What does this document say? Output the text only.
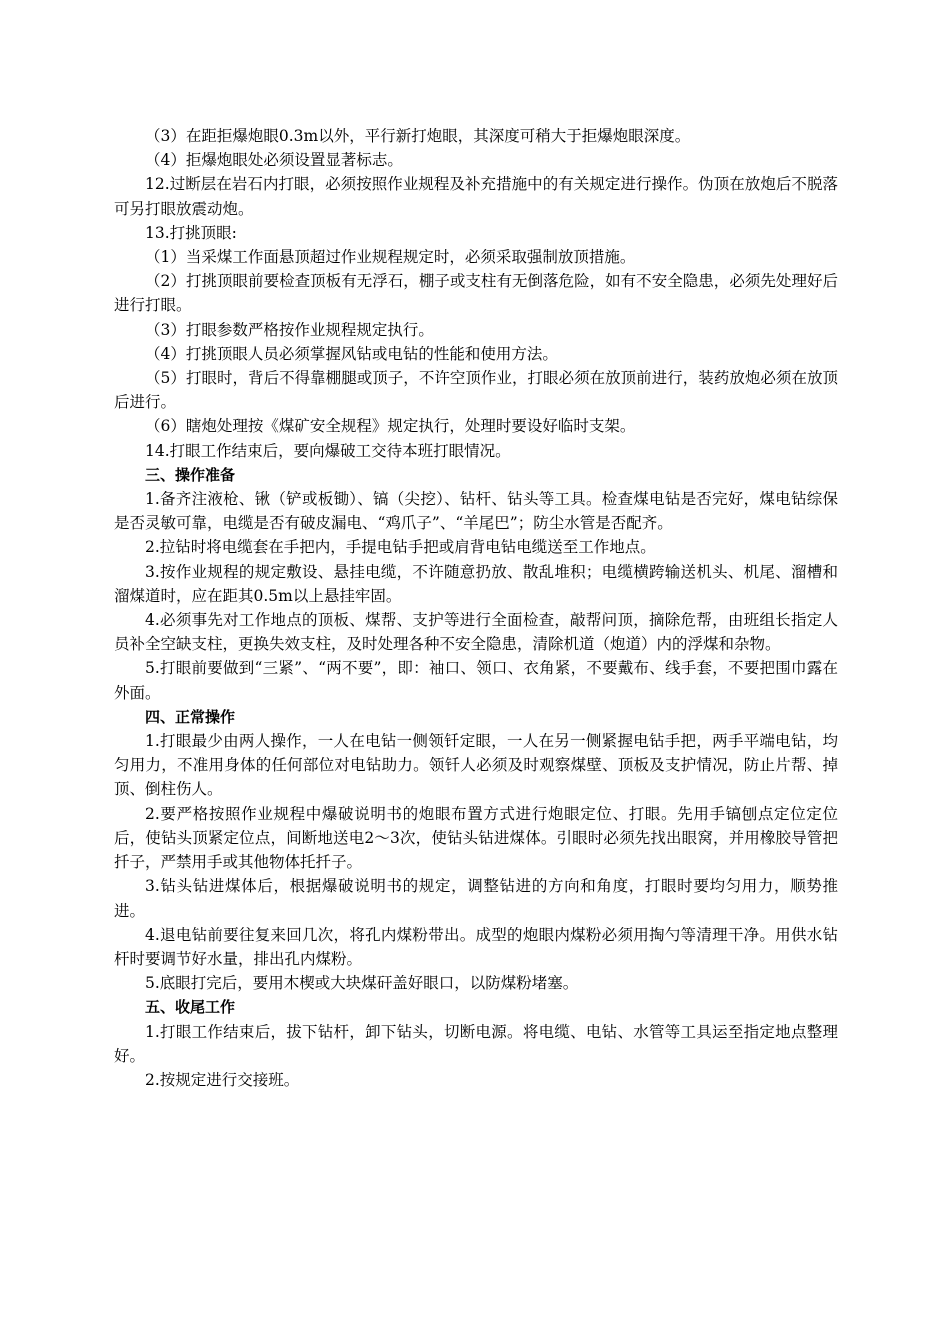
（3）在距拒爆炮眼0.3m以外，平行新打炮眼，其深度可稍大于拒爆炮眼深度。

（4）拒爆炮眼处必须设置显著标志。

12.过断层在岩石内打眼，必须按照作业规程及补充措施中的有关规定进行操作。伪顶在放炮后不脱落可另打眼放震动炮。

13.打挑顶眼:

（1）当采煤工作面悬顶超过作业规程规定时，必须采取强制放顶措施。

（2）打挑顶眼前要检查顶板有无浮石，棚子或支柱有无倒落危险，如有不安全隐患，必须先处理好后进行打眼。

（3）打眼参数严格按作业规程规定执行。

（4）打挑顶眼人员必须掌握风钻或电钻的性能和使用方法。

（5）打眼时，背后不得靠棚腿或顶子，不许空顶作业，打眼必须在放顶前进行，装药放炮必须在放顶后进行。

（6）瞎炮处理按《煤矿安全规程》规定执行，处理时要设好临时支架。

14.打眼工作结束后，要向爆破工交待本班打眼情况。

三、操作准备

1.备齐注液枪、锹（铲或板锄）、镐（尖挖）、钻杆、钻头等工具。检查煤电钻是否完好，煤电钻综保是否灵敏可靠，电缆是否有破皮漏电、“鸡爪子”、“羊尾巴”；防尘水管是否配齐。

2.拉钻时将电缆套在手把内，手提电钻手把或肩背电钻电缆送至工作地点。

3.按作业规程的规定敷设、悬挂电缆，不许随意扔放、散乱堆积；电缆横跨输送机头、机尾、溜槽和溜煤道时，应在距其0.5m以上悬挂牢固。

4.必须事先对工作地点的顶板、煤帮、支护等进行全面检查，敲帮问顶，摘除危帮，由班组长指定人员补全空缺支柱，更换失效支柱，及时处理各种不安全隐患，清除机道（炮道）内的浮煤和杂物。

5.打眼前要做到“三紧”、“两不要”，即：袖口、领口、衣角紧，不要戴布、线手套，不要把围巾露在外面。

四、正常操作

1.打眼最少由两人操作，一人在电钻一侧领钎定眼，一人在另一侧紧握电钻手把，两手平端电钻，均匀用力，不准用身体的任何部位对电钻助力。领钎人必须及时观察煤壁、顶板及支护情况，防止片帮、掉顶、倒柱伤人。

2.要严格按照作业规程中爆破说明书的炮眼布置方式进行炮眼定位、打眼。先用手镐刨点定位定位后，使钻头顶紧定位点，间断地送电2～3次，使钻头钻进煤体。引眼时必须先找出眼窝，并用橡胶导管把扦子，严禁用手或其他物体托扦子。

3.钻头钻进煤体后，根据爆破说明书的规定，调整钻进的方向和角度，打眼时要均匀用力，顺势推进。

4.退电钻前要往复来回几次，将孔内煤粉带出。成型的炮眼内煤粉必须用掏勺等清理干净。用供水钻杆时要调节好水量，排出孔内煤粉。

5.底眼打完后，要用木楔或大块煤矸盖好眼口，以防煤粉堵塞。

五、收尾工作

1.打眼工作结束后，拔下钻杆，卸下钻头，切断电源。将电缆、电钻、水管等工具运至指定地点整理好。

2.按规定进行交接班。
